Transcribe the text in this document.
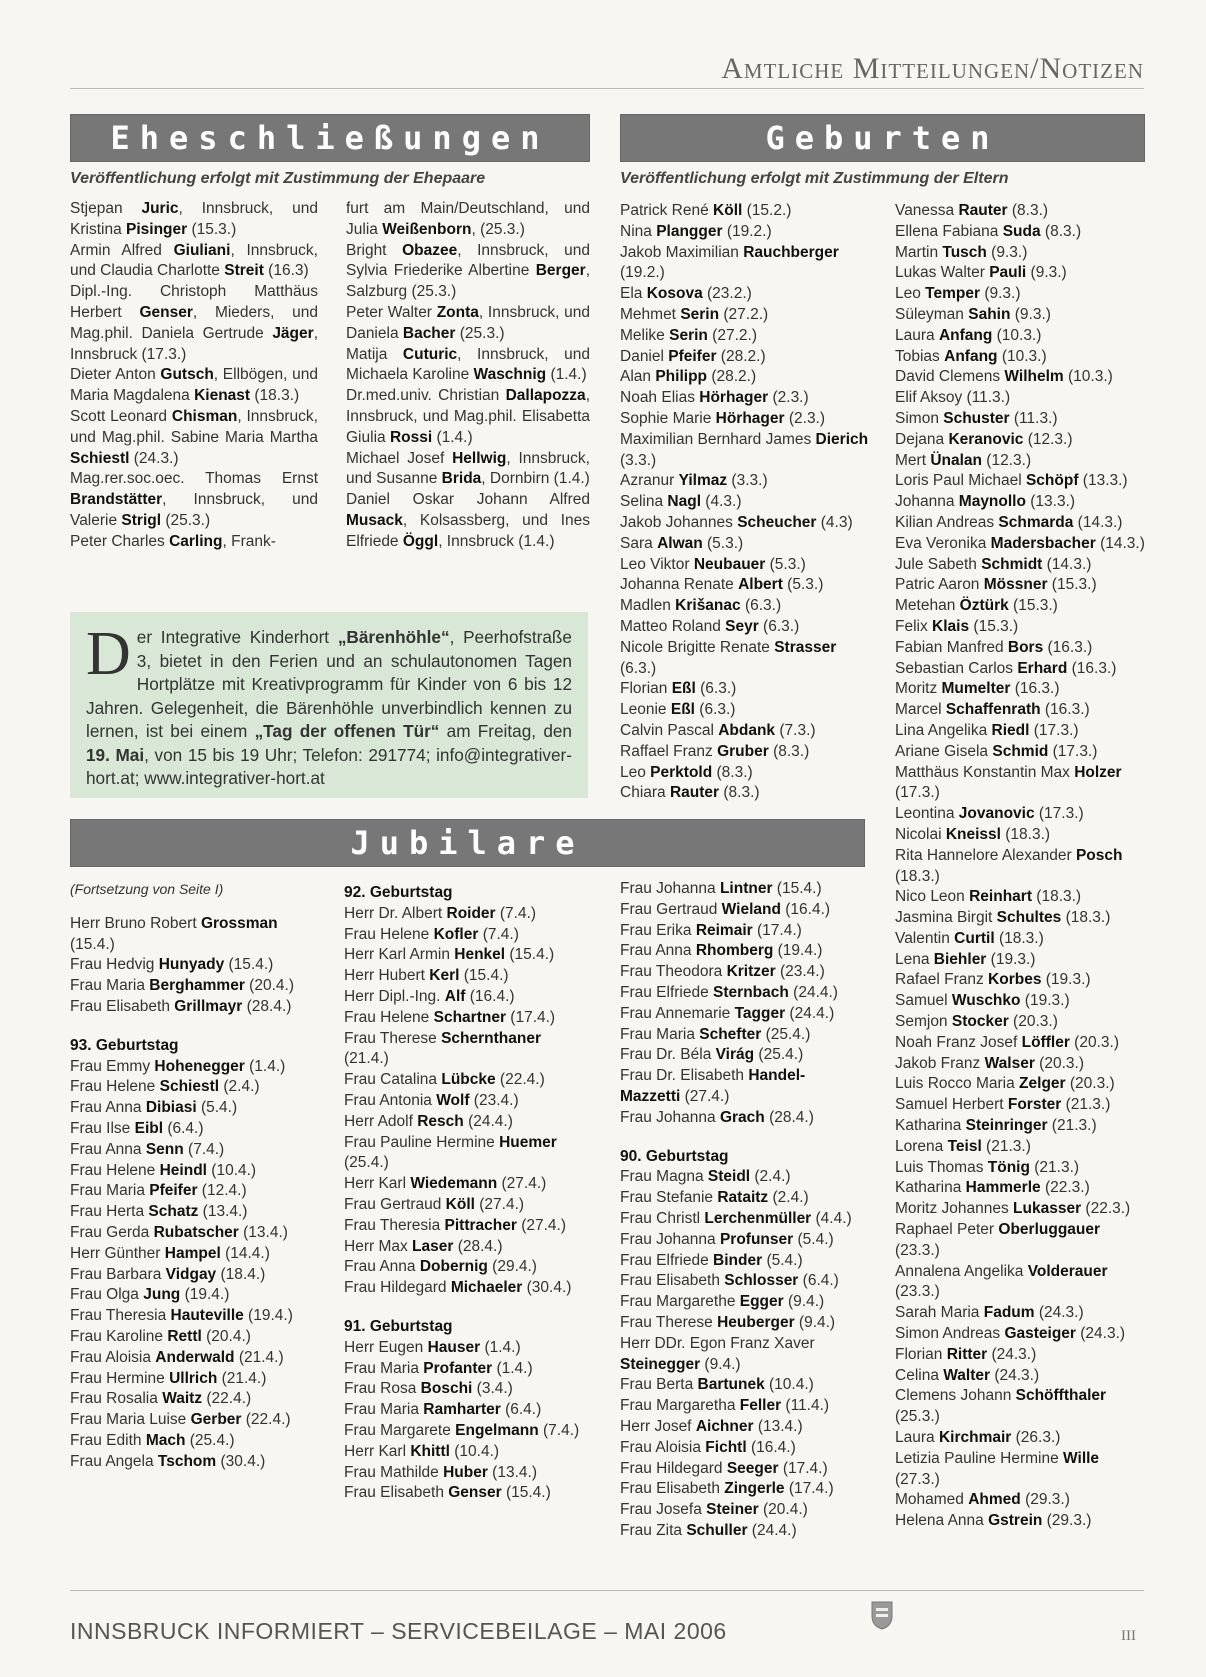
Amtliche Mitteilungen/Notizen
Eheschließungen
Veröffentlichung erfolgt mit Zustimmung der Ehepaare
Stjepan Juric, Innsbruck, und Kristina Pisinger (15.3.)
Armin Alfred Giuliani, Innsbruck, und Claudia Charlotte Streit (16.3)
Dipl.-Ing. Christoph Matthäus Herbert Genser, Mieders, und Mag.phil. Daniela Gertrude Jäger, Innsbruck (17.3.)
Dieter Anton Gutsch, Ellbögen, und Maria Magdalena Kienast (18.3.)
Scott Leonard Chisman, Innsbruck, und Mag.phil. Sabine Maria Martha Schiestl (24.3.)
Mag.rer.soc.oec. Thomas Ernst Brandstätter, Innsbruck, und Valerie Strigl (25.3.)
Peter Charles Carling, Frank-
furt am Main/Deutschland, und Julia Weißenborn, (25.3.)
Bright Obazee, Innsbruck, und Sylvia Friederike Albertine Berger, Salzburg (25.3.)
Peter Walter Zonta, Innsbruck, und Daniela Bacher (25.3.)
Matija Cuturic, Innsbruck, und Michaela Karoline Waschnig (1.4.)
Dr.med.univ. Christian Dallapozza, Innsbruck, und Mag.phil. Elisabetta Giulia Rossi (1.4.)
Michael Josef Hellwig, Innsbruck, und Susanne Brida, Dornbirn (1.4.)
Daniel Oskar Johann Alfred Musack, Kolsassberg, und Ines Elfriede Öggl, Innsbruck (1.4.)
Der Integrative Kinderhort „Bärenhöhle“, Peerhofstraße 3, bietet in den Ferien und an schulautonomen Tagen Hortplätze mit Kreativprogramm für Kinder von 6 bis 12 Jahren. Gelegenheit, die Bärenhöhle unverbindlich kennen zu lernen, ist bei einem „Tag der offenen Tür“ am Freitag, den 19. Mai, von 15 bis 19 Uhr; Telefon: 291774; info@integrativer-hort.at; www.integrativer-hort.at
Geburten
Veröffentlichung erfolgt mit Zustimmung der Eltern
Patrick René Köll (15.2.)
Nina Plangger (19.2.)
Jakob Maximilian Rauchberger (19.2.)
Ela Kosova (23.2.)
Mehmet Serin (27.2.)
Melike Serin (27.2.)
Daniel Pfeifer (28.2.)
Alan Philipp (28.2.)
Noah Elias Hörhager (2.3.)
Sophie Marie Hörhager (2.3.)
Maximilian Bernhard James Dierich (3.3.)
Azranur Yilmaz (3.3.)
Selina Nagl (4.3.)
Jakob Johannes Scheucher (4.3)
Sara Alwan (5.3.)
Leo Viktor Neubauer (5.3.)
Johanna Renate Albert (5.3.)
Madlen Krišanac (6.3.)
Matteo Roland Seyr (6.3.)
Nicole Brigitte Renate Strasser (6.3.)
Florian Eßl (6.3.)
Leonie Eßl (6.3.)
Calvin Pascal Abdank (7.3.)
Raffael Franz Gruber (8.3.)
Leo Perktold (8.3.)
Chiara Rauter (8.3.)
Vanessa Rauter (8.3.)
Ellena Fabiana Suda (8.3.)
Martin Tusch (9.3.)
Lukas Walter Pauli (9.3.)
Leo Temper (9.3.)
Süleyman Sahin (9.3.)
Laura Anfang (10.3.)
Tobias Anfang (10.3.)
David Clemens Wilhelm (10.3.)
Elif Aksoy (11.3.)
Simon Schuster (11.3.)
Dejana Keranovic (12.3.)
Mert Ünalan (12.3.)
Loris Paul Michael Schöpf (13.3.)
Johanna Maynollo (13.3.)
Kilian Andreas Schmarda (14.3.)
Eva Veronika Madersbacher (14.3.)
Jule Sabeth Schmidt (14.3.)
Patric Aaron Mössner (15.3.)
Metehan Öztürk (15.3.)
Felix Klais (15.3.)
Fabian Manfred Bors (16.3.)
Sebastian Carlos Erhard (16.3.)
Moritz Mumelter (16.3.)
Marcel Schaffenrath (16.3.)
Lina Angelika Riedl (17.3.)
Ariane Gisela Schmid (17.3.)
Matthäus Konstantin Max Holzer (17.3.)
Leontina Jovanovic (17.3.)
Nicolai Kneissl (18.3.)
Rita Hannelore Alexander Posch (18.3.)
Nico Leon Reinhart (18.3.)
Jasmina Birgit Schultes (18.3.)
Valentin Curtil (18.3.)
Lena Biehler (19.3.)
Rafael Franz Korbes (19.3.)
Samuel Wuschko (19.3.)
Semjon Stocker (20.3.)
Noah Franz Josef Löffler (20.3.)
Jakob Franz Walser (20.3.)
Luis Rocco Maria Zelger (20.3.)
Samuel Herbert Forster (21.3.)
Katharina Steinringer (21.3.)
Lorena Teisl (21.3.)
Luis Thomas Tönig (21.3.)
Katharina Hammerle (22.3.)
Moritz Johannes Lukasser (22.3.)
Raphael Peter Oberluggauer (23.3.)
Annalena Angelika Volderauer (23.3.)
Sarah Maria Fadum (24.3.)
Simon Andreas Gasteiger (24.3.)
Florian Ritter (24.3.)
Celina Walter (24.3.)
Clemens Johann Schöffthaler (25.3.)
Laura Kirchmair (26.3.)
Letizia Pauline Hermine Wille (27.3.)
Mohamed Ahmed (29.3.)
Helena Anna Gstrein (29.3.)
Jubilare
(Fortsetzung von Seite I)
Herr Bruno Robert Grossman (15.4.)
Frau Hedvig Hunyady (15.4.)
Frau Maria Berghammer (20.4.)
Frau Elisabeth Grillmayr (28.4.)
93. Geburtstag
Frau Emmy Hohenegger (1.4.)
Frau Helene Schiestl (2.4.)
Frau Anna Dibiasi (5.4.)
Frau Ilse Eibl (6.4.)
Frau Anna Senn (7.4.)
Frau Helene Heindl (10.4.)
Frau Maria Pfeifer (12.4.)
Frau Herta Schatz (13.4.)
Frau Gerda Rubatscher (13.4.)
Herr Günther Hampel (14.4.)
Frau Barbara Vidgay (18.4.)
Frau Olga Jung (19.4.)
Frau Theresia Hauteville (19.4.)
Frau Karoline Rettl (20.4.)
Frau Aloisia Anderwald (21.4.)
Frau Hermine Ullrich (21.4.)
Frau Rosalia Waitz (22.4.)
Frau Maria Luise Gerber (22.4.)
Frau Edith Mach (25.4.)
Frau Angela Tschom (30.4.)
92. Geburtstag
Herr Dr. Albert Roider (7.4.)
Frau Helene Kofler (7.4.)
Herr Karl Armin Henkel (15.4.)
Herr Hubert Kerl (15.4.)
Herr Dipl.-Ing. Alf (16.4.)
Frau Helene Schartner (17.4.)
Frau Therese Schernthaner (21.4.)
Frau Catalina Lübcke (22.4.)
Frau Antonia Wolf (23.4.)
Herr Adolf Resch (24.4.)
Frau Pauline Hermine Huemer (25.4.)
Herr Karl Wiedemann (27.4.)
Frau Gertraud Köll (27.4.)
Frau Theresia Pittracher (27.4.)
Herr Max Laser (28.4.)
Frau Anna Dobernig (29.4.)
Frau Hildegard Michaeler (30.4.)
91. Geburtstag
Herr Eugen Hauser (1.4.)
Frau Maria Profanter (1.4.)
Frau Rosa Boschi (3.4.)
Frau Maria Ramharter (6.4.)
Frau Margarete Engelmann (7.4.)
Herr Karl Khittl (10.4.)
Frau Mathilde Huber (13.4.)
Frau Elisabeth Genser (15.4.)
Frau Johanna Lintner (15.4.)
Frau Gertraud Wieland (16.4.)
Frau Erika Reimair (17.4.)
Frau Anna Rhomberg (19.4.)
Frau Theodora Kritzer (23.4.)
Frau Elfriede Sternbach (24.4.)
Frau Annemarie Tagger (24.4.)
Frau Maria Schefter (25.4.)
Frau Dr. Béla Virág (25.4.)
Frau Dr. Elisabeth Handel-Mazzetti (27.4.)
Frau Johanna Grach (28.4.)
90. Geburtstag
Frau Magna Steidl (2.4.)
Frau Stefanie Rataitz (2.4.)
Frau Christl Lerchenmüller (4.4.)
Frau Johanna Profunser (5.4.)
Frau Elfriede Binder (5.4.)
Frau Elisabeth Schlosser (6.4.)
Frau Margarethe Egger (9.4.)
Frau Therese Heuberger (9.4.)
Herr DDr. Egon Franz Xaver Steinegger (9.4.)
Frau Berta Bartunek (10.4.)
Frau Margaretha Feller (11.4.)
Herr Josef Aichner (13.4.)
Frau Aloisia Fichtl (16.4.)
Frau Hildegard Seeger (17.4.)
Frau Elisabeth Zingerle (17.4.)
Frau Josefa Steiner (20.4.)
Frau Zita Schuller (24.4.)
INNSBRUCK INFORMIERT – SERVICEBEILAGE – MAI 2006	III
